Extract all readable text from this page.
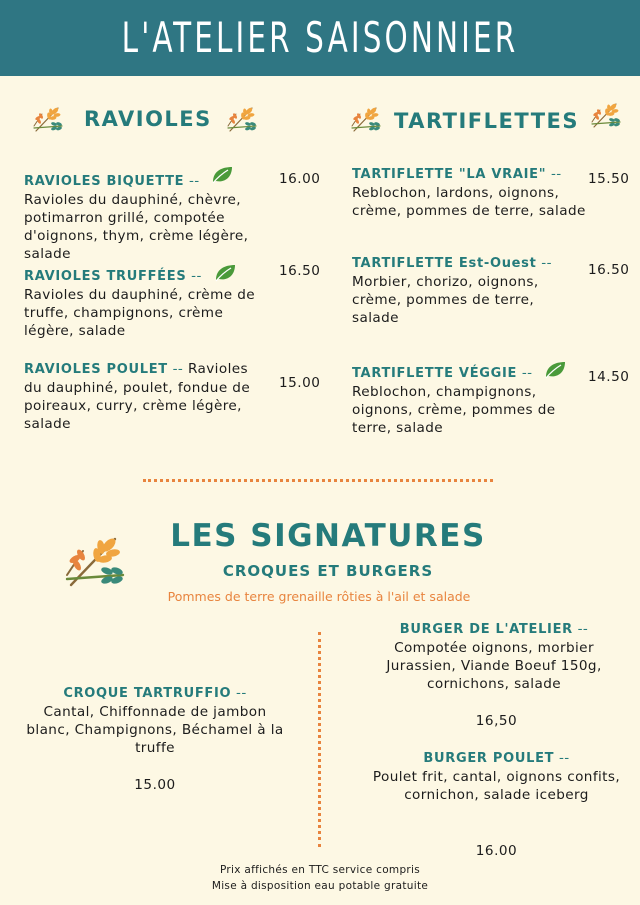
L'ATELIER SAISONNIER
RAVIOLES
RAVIOLES BIQUETTE --
Ravioles du dauphiné, chèvre, potimarron grillé, compotée d'oignons, thym, crème légère, salade
16.00
RAVIOLES TRUFFÉES --
Ravioles du dauphiné, crème de truffe, champignons, crème légère, salade
16.50
RAVIOLES POULET -- Ravioles du dauphiné, poulet, fondue de poireaux, curry, crème légère, salade
15.00
TARTIFLETTES
TARTIFLETTE "LA VRAIE" --
Reblochon, lardons, oignons, crème, pommes de terre, salade
15.50
TARTIFLETTE Est-Ouest --
Morbier, chorizo, oignons, crème, pommes de terre, salade
16.50
TARTIFLETTE VÉGGIE --
Reblochon, champignons, oignons, crème, pommes de terre, salade
14.50
LES SIGNATURES
CROQUES ET BURGERS
Pommes de terre grenaille rôties à l'ail et salade
CROQUE TARTRUFFIO --
Cantal, Chiffonnade de jambon blanc, Champignons, Béchamel à la truffe
15.00
BURGER DE L'ATELIER --
Compotée oignons, morbier Jurassien, Viande Boeuf 150g, cornichons, salade
16,50
BURGER POULET --
Poulet frit, cantal, oignons confits, cornichon, salade iceberg
16.00
Prix affichés en TTC service compris
Mise à disposition eau potable gratuite
